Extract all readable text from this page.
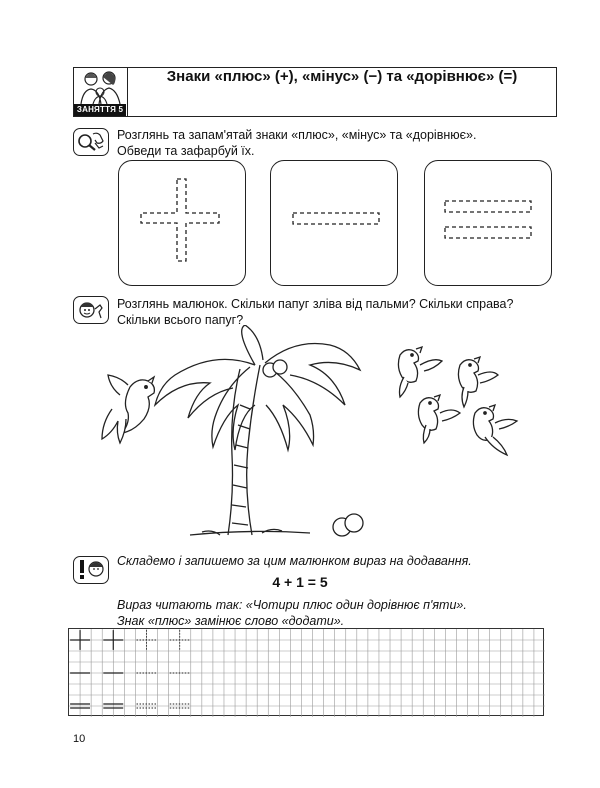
ЗАНЯТТЯ 5
Знаки «плюс» (+), «мінус» (−) та «дорівнює» (=)
Розглянь та запам'ятай знаки «плюс», «мінус» та «дорівнює».
Обведи та зафарбуй їх.
Розглянь малюнок. Скільки папуг зліва від пальми? Скільки справа?
Скільки всього папуг?
Складемо і запишемо за цим малюнком вираз на додавання.
4 + 1 = 5
Вираз читають так: «Чотири плюс один дорівнює п'яти».
Знак «плюс» замінює слово «додати».
10
